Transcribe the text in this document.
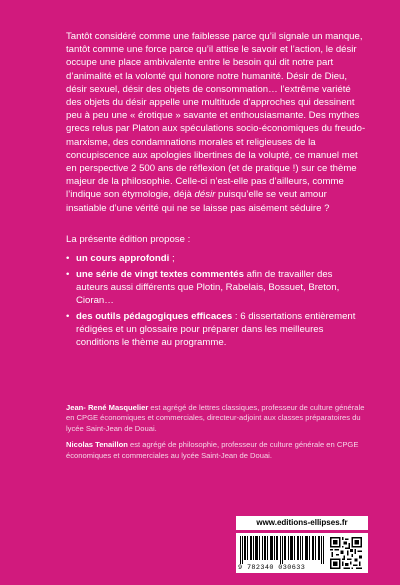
Tantôt considéré comme une faiblesse parce qu’il signale un manque, tantôt comme une force parce qu’il attise le savoir et l’action, le désir occupe une place ambivalente entre le besoin qui dit notre part d’animalité et la volonté qui honore notre humanité. Désir de Dieu, désir sexuel, désir des objets de consommation… l’extrême variété des objets du désir appelle une multitude d’approches qui dessinent peu à peu une « érotique » savante et enthousiasmante. Des mythes grecs relus par Platon aux spéculations socio-économiques du freudo-marxisme, des condamnations morales et religieuses de la concupiscence aux apologies libertines de la volupté, ce manuel met en perspective 2 500 ans de réflexion (et de pratique !) sur ce thème majeur de la philosophie. Celle-ci n’est-elle pas d’ailleurs, comme l’indique son étymologie, déjà désir puisqu’elle se veut amour insatiable d’une vérité qui ne se laisse pas aisément séduire ?

La présente édition propose :

• un cours approfondi ;
• une série de vingt textes commentés afin de travailler des auteurs aussi différents que Plotin, Rabelais, Bossuet, Breton, Cioran…
• des outils pédagogiques efficaces : 6 dissertations entièrement rédigées et un glossaire pour préparer dans les meilleures conditions le thème au programme.

Jean- René Masquelier est agrégé de lettres classiques, professeur de culture générale en CPGE économiques et commerciales, directeur-adjoint aux classes préparatoires du lycée Saint-Jean de Douai.

Nicolas Tenaillon est agrégé de philosophie, professeur de culture générale en CPGE économiques et commerciales au lycée Saint-Jean de Douai.

www.editions-ellipses.fr
9 782340 030633
